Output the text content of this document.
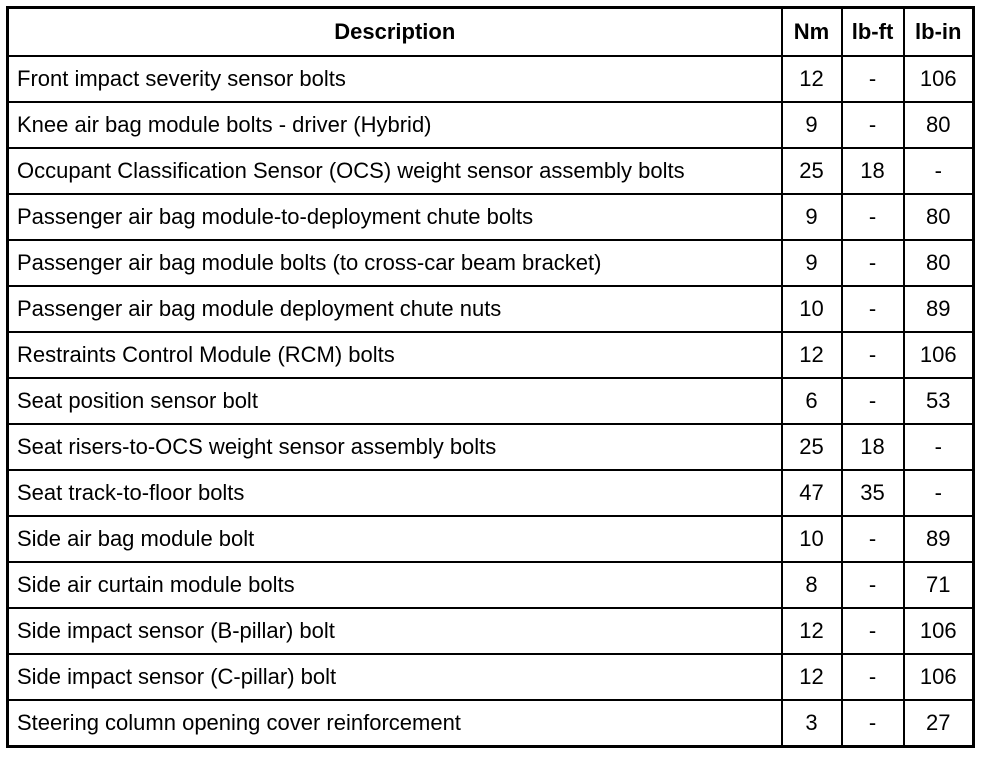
Description	Nm	lb-ft	lb-in
Front impact severity sensor bolts	12	-	106
Knee air bag module bolts - driver (Hybrid)	9	-	80
Occupant Classification Sensor (OCS) weight sensor assembly bolts	25	18	-
Passenger air bag module-to-deployment chute bolts	9	-	80
Passenger air bag module bolts (to cross-car beam bracket)	9	-	80
Passenger air bag module deployment chute nuts	10	-	89
Restraints Control Module (RCM) bolts	12	-	106
Seat position sensor bolt	6	-	53
Seat risers-to-OCS weight sensor assembly bolts	25	18	-
Seat track-to-floor bolts	47	35	-
Side air bag module bolt	10	-	89
Side air curtain module bolts	8	-	71
Side impact sensor (B-pillar) bolt	12	-	106
Side impact sensor (C-pillar) bolt	12	-	106
Steering column opening cover reinforcement	3	-	27
